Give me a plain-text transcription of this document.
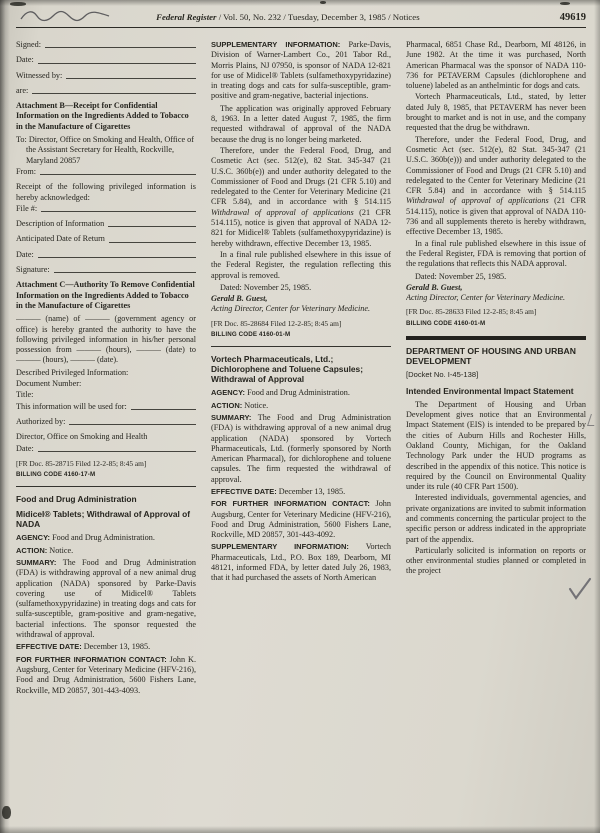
Federal Register / Vol. 50, No. 232 / Tuesday, December 3, 1985 / Notices	49619
Signed:
Date:
Witnessed by:
are:
Attachment B—Receipt for Confidential Information on the Ingredients Added to Tobacco in the Manufacture of Cigarettes

To: Director, Office on Smoking and Health, Office of the Assistant Secretary for Health, Rockville, Maryland 20857

From:

Receipt of the following privileged information is hereby acknowledged:

File #:
Description of Information
Anticipated Date of Return
Date:
Signature:
Attachment C—Authority To Remove Confidential Information on the Ingredients Added to Tobacco in the Manufacture of Cigarettes

——— (name) of ——— (government agency or office) is hereby granted the authority to have the following privileged information in his/her personal possession from ——— (hours), ——— (date) to ——— (hours), ——— (date).

Described Privileged Information:

Document Number:

Title:

This information will be used for:
Authorized by:

Director, Office on Smoking and Health

Date:

[FR Doc. 85-28715 Filed 12-2-85; 8:45 am]

BILLING CODE 4160-17-M

Food and Drug Administration
Midicel® Tablets; Withdrawal of Approval of NADA

AGENCY: Food and Drug Administration.

ACTION: Notice.

SUMMARY: The Food and Drug Administration (FDA) is withdrawing approval of a new animal drug application (NADA) sponsored by Parke-Davis covering use of Midicel® Tablets (sulfamethoxypyridazine) in treating dogs and cats for sulfa-susceptible, gram-positive and gram-negative, bacterial infections. The sponsor requested the withdrawal of approval.

EFFECTIVE DATE: December 13, 1985.

FOR FURTHER INFORMATION CONTACT: John K. Augsburg, Center for Veterinary Medicine (HFV-216), Food and Drug Administration, 5600 Fishers Lane, Rockville, MD 20857, 301-443-4093.

SUPPLEMENTARY INFORMATION: Parke-Davis, Division of Warner-Lambert Co., 201 Tabor Rd., Morris Plains, NJ 07950, is sponsor of NADA 12-821 for use of Midicel® Tablets (sulfamethoxypyridazine) in treating dogs and cats for sulfa-susceptible, gram-positive and gram-negative, bacterial injections.

The application was originally approved February 8, 1963. In a letter dated August 7, 1985, the firm requested withdrawal of approval of the NADA because the drug is no longer being marketed.

Therefore, under the Federal Food, Drug, and Cosmetic Act (sec. 512(e), 82 Stat. 345-347 (21 U.S.C. 360b(e)) and under authority delegated to the Commissioner of Food and Drugs (21 CFR 5.10) and redelegated to the Center for Veterinary Medicine (21 CFR 5.84), and in accordance with § 514.115 Withdrawal of approval of applications (21 CFR 514.115), notice is given that approval of NADA 12-821 for Midicel® Tablets (sulfamethoxypyridazine) is hereby withdrawn, effective December 13, 1985.

In a final rule published elsewhere in this issue of the Federal Register, the regulation reflecting this approval is removed.

Dated: November 25, 1985.

Gerald B. Guest,

Acting Director, Center for Veterinary Medicine.

[FR Doc. 85-28684 Filed 12-2-85; 8:45 am]

BILLING CODE 4160-01-M

Vortech Pharmaceuticals, Ltd.; Dichlorophene and Toluene Capsules; Withdrawal of Approval

AGENCY: Food and Drug Administration.

ACTION: Notice.

SUMMARY: The Food and Drug Administration (FDA) is withdrawing approval of a new animal drug application (NADA) sponsored by Vortech Pharmaceuticals, Ltd. (formerly sponsored by North American Pharmacal), for dichlorophene and toluene capsules. The firm requested the withdrawal of approval.

EFFECTIVE DATE: December 13, 1985.

FOR FURTHER INFORMATION CONTACT: John Augsburg, Center for Veterinary Medicine (HFV-216), Food and Drug Administration, 5600 Fishers Lane, Rockville, MD 20857, 301-443-4092.

SUPPLEMENTARY INFORMATION: Vortech Pharmaceuticals, Ltd., P.O. Box 189, Dearborn, MI 48121, informed FDA, by letter dated July 26, 1983, that it had purchased the assets of North American

Pharmacal, 6851 Chase Rd., Dearborn, MI 48126, in June 1982. At the time it was purchased, North American Pharmacal was the sponsor of NADA 110-736 for PETAVERM Capsules (dichlorophene and toluene) labeled as an anthelmintic for dogs and cats.

Vortech Pharmaceuticals, Ltd., stated, by letter dated July 8, 1985, that PETAVERM has never been brought to market and is not in use, and the company requested that the drug be withdrawn.

Therefore, under the Federal Food, Drug, and Cosmetic Act (sec. 512(e), 82 Stat. 345-347 (21 U.S.C. 360b(e))) and under authority delegated to the Commissioner of Food and Drugs (21 CFR 5.10) and redelegated to the Center for Veterinary Medicine (21 CFR 5.84) and in accordance with § 514.115 Withdrawal of approval of applications (21 CFR 514.115), notice is given that approval of NADA 110-736 and all supplements thereto is hereby withdrawn, effective December 13, 1985.

In a final rule published elsewhere in this issue of the Federal Register, FDA is removing that portion of the regulations that reflects this NADA approval.

Dated: November 25, 1985.

Gerald B. Guest,

Acting Director, Center for Veterinary Medicine.

[FR Doc. 85-28633 Filed 12-2-85; 8:45 am]

BILLING CODE 4160-01-M

DEPARTMENT OF HOUSING AND URBAN DEVELOPMENT

[Docket No. I-45-138]

Intended Environmental Impact Statement

The Department of Housing and Urban Development gives notice that an Environmental Impact Statement (EIS) is intended to be prepared by the cities of Auburn Hills and Rochester Hills, Oakland County, Michigan, for the Oakland Technology Park under the HUD programs as described in the appendix of this notice. This notice is required by the Council on Environmental Quality under its rule (40 CFR Part 1500).

Interested individuals, governmental agencies, and private organizations are invited to submit information and comments concerning the particular project to the specific person or address indicated in the appropriate part of the appendix.

Particularly solicited is information on reports or other environmental studies planned or completed in the project
